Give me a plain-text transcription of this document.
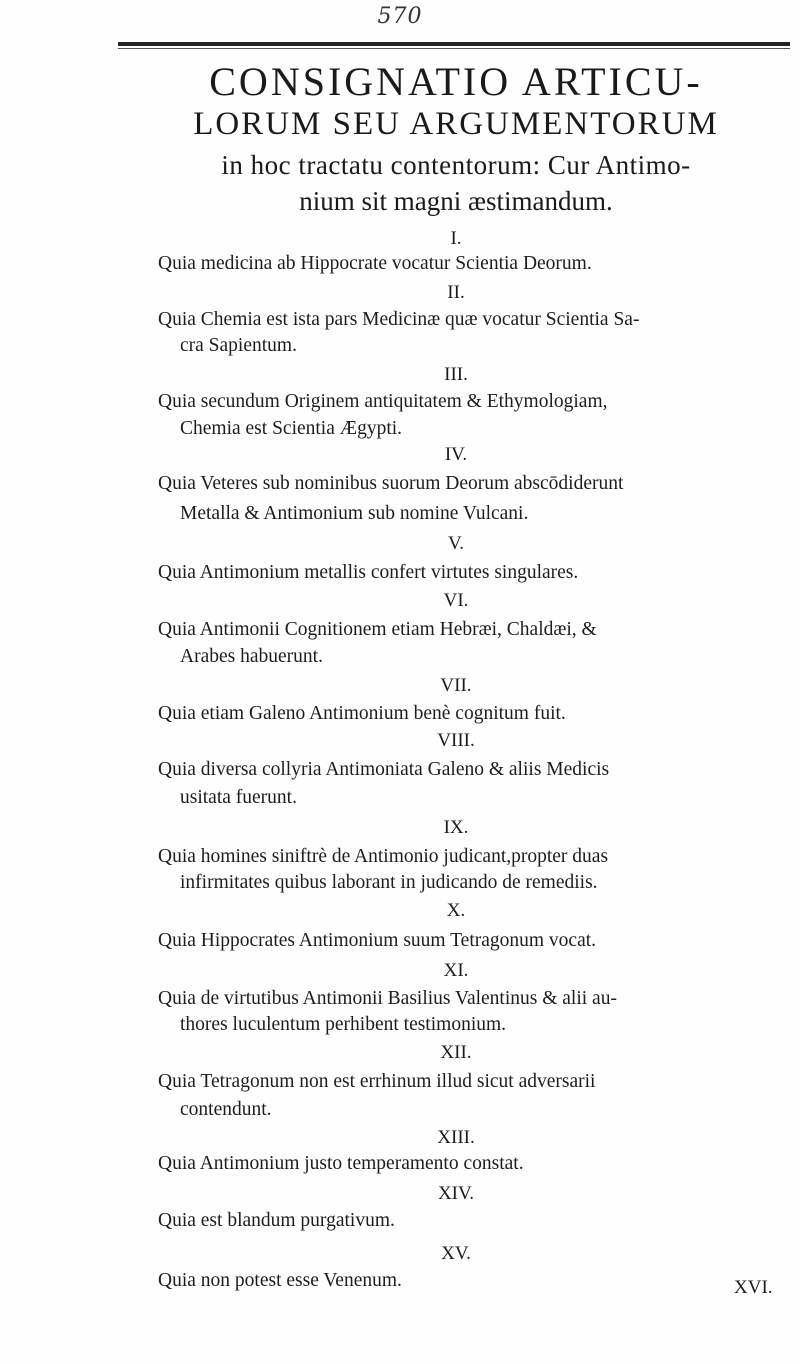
570
CONSIGNATIO ARTICU-
LORUM SEU ARGUMENTORUM
in hoc tractatu contentorum: Cur Antimo-
nium sit magni æstimandum.
I.
Quia medicina ab Hippocrate vocatur Scientia Deorum.
II.
Quia Chemia est ista pars Medicinæ quæ vocatur Scientia Sa-
cra Sapientum.
III.
Quia secundum Originem antiquitatem & Ethymologiam,
Chemia est Scientia Ægypti.
IV.
Quia Veteres sub nominibus suorum Deorum abscōdiderunt
Metalla & Antimonium sub nomine Vulcani.
V.
Quia Antimonium metallis confert virtutes singulares.
VI.
Quia Antimonii Cognitionem etiam Hebræi, Chaldæi, &
Arabes habuerunt.
VII.
Quia etiam Galeno Antimonium benè cognitum fuit.
VIII.
Quia diversa collyria Antimoniata Galeno & aliis Medicis
usitata fuerunt.
IX.
Quia homines siniftrè de Antimonio judicant,propter duas
infirmitates quibus laborant in judicando de remediis.
X.
Quia Hippocrates Antimonium suum Tetragonum vocat.
XI.
Quia de virtutibus Antimonii Basilius Valentinus & alii au-
thores luculentum perhibent testimonium.
XII.
Quia Tetragonum non est errhinum illud sicut adversarii
contendunt.
XIII.
Quia Antimonium justo temperamento constat.
XIV.
Quia est blandum purgativum.
XV.
Quia non potest esse Venenum.	XVI.
